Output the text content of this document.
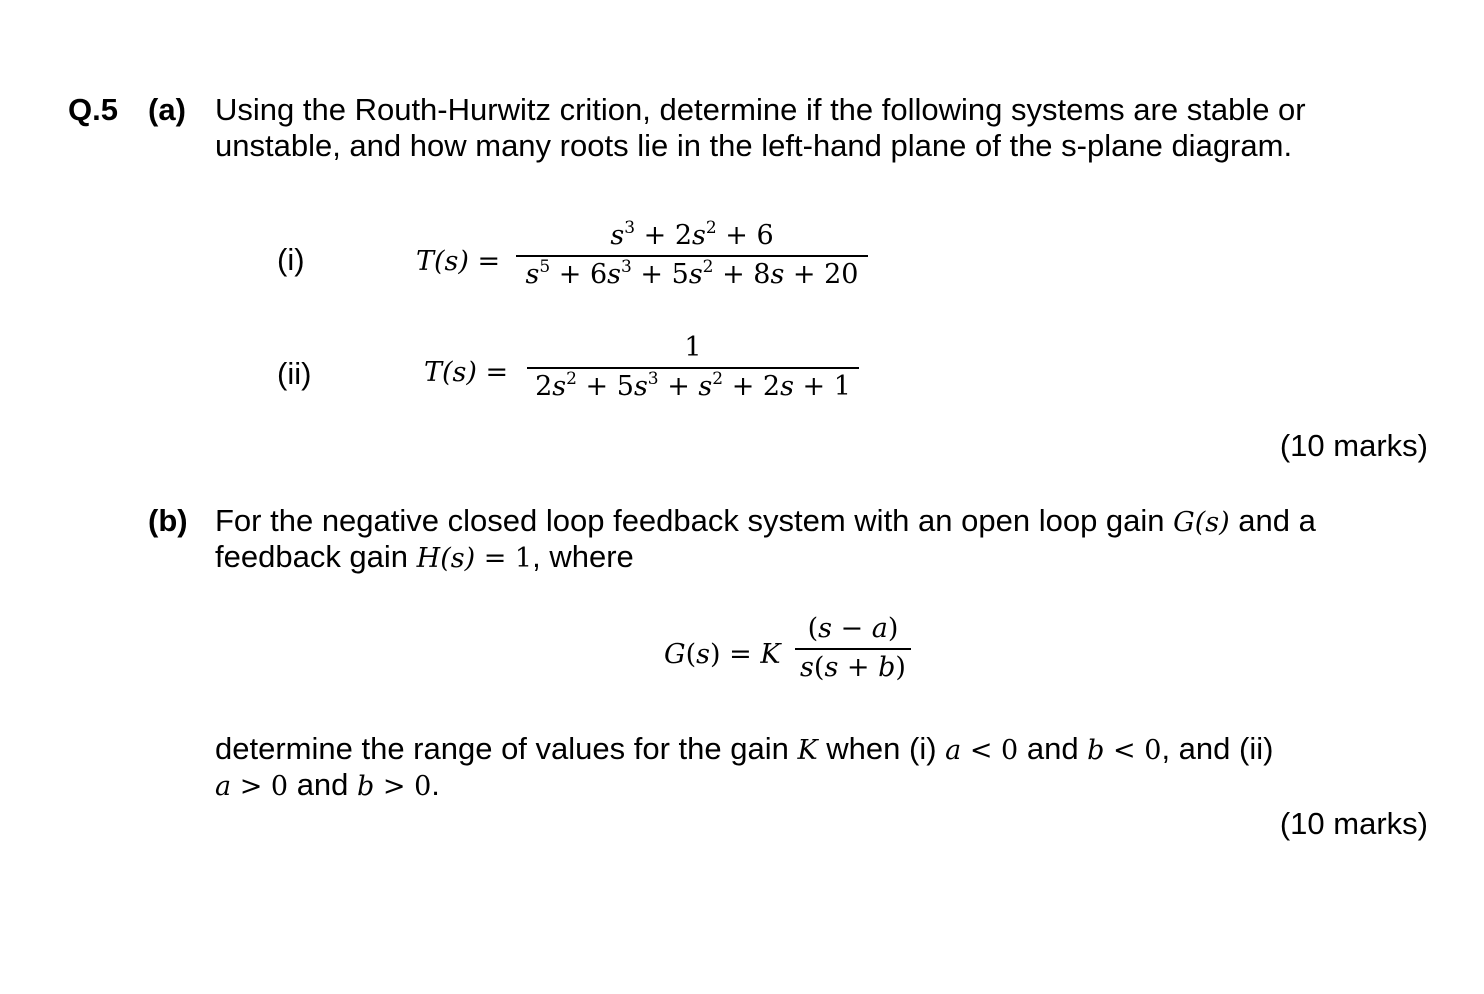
Q.5 (a) Using the Routh-Hurwitz crition, determine if the following systems are stable or
unstable, and how many roots lie in the left-hand plane of the s-plane diagram.
(i)	T(s) =
$s^3 + 2s^2 + 6$
$s^5 + 6s^3 + 5s^2 + 8s + 20$
(ii)	T(s) =
1
$2s^2 + 5s^3 + s^2 + 2s + 1$
(10 marks)
(b) For the negative closed loop feedback system with an open loop gain G(s) and a
feedback gain H(s) = 1, where
G(s) = K
(s − a)
s(s + b)
determine the range of values for the gain K when (i) a < 0 and b < 0, and (ii)
a > 0 and b > 0.
(10 marks)
